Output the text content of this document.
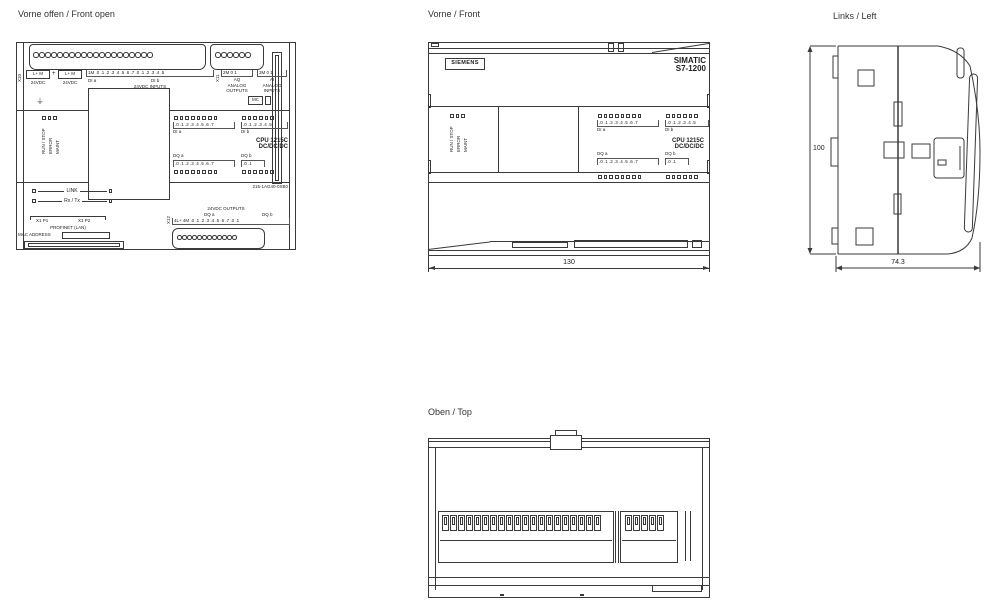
Vorne offen / Front open	Vorne / Front	Links / Left
Oben / Top
X10
L+ M
24VDC
+	L+ M
24VDC
1M .0 .1 .2 .3 .4 .5 .6 .7 .0 .1 .2 .3 .4 .5
DI a	DI b
24VDC INPUTS
X11
2M 0 1
AQ
ANALOG OUTPUTS
3M 0 1
AI
ANALOG INPUTS
⏚	MC
RUN / STOP ERROR MAINT
.0 .1 .2 .3 .4 .5 .6 .7	.0 .1 .2 .3 .4 .5
DI a	DI b
CPU 1215C
DC/DC/DC
DQ a	DQ b
.0 .1 .2 .3 .4 .5 .6 .7	.0 .1
215-1AG40-0XB0
LINK
Rx / Tx
X1 P1	X1 P2
PROFINET (LAN)
MAC ADDRESS
X12
24VDC OUTPUTS
DQ a	DQ b
4L+ 4M .0 .1 .2 .3 .4 .5 .6 .7 .0 .1
SIEMENS	SIMATIC
S7-1200
RUN / STOP ERROR MAINT
.0 .1 .2 .3 .4 .5 .6 .7	.0 .1 .2 .3 .4 .5
DI a	DI b
CPU 1215C
DC/DC/DC
DQ a	DQ b
.0 .1 .2 .3 .4 .5 .6 .7	.0 .1
130
100
74.3
